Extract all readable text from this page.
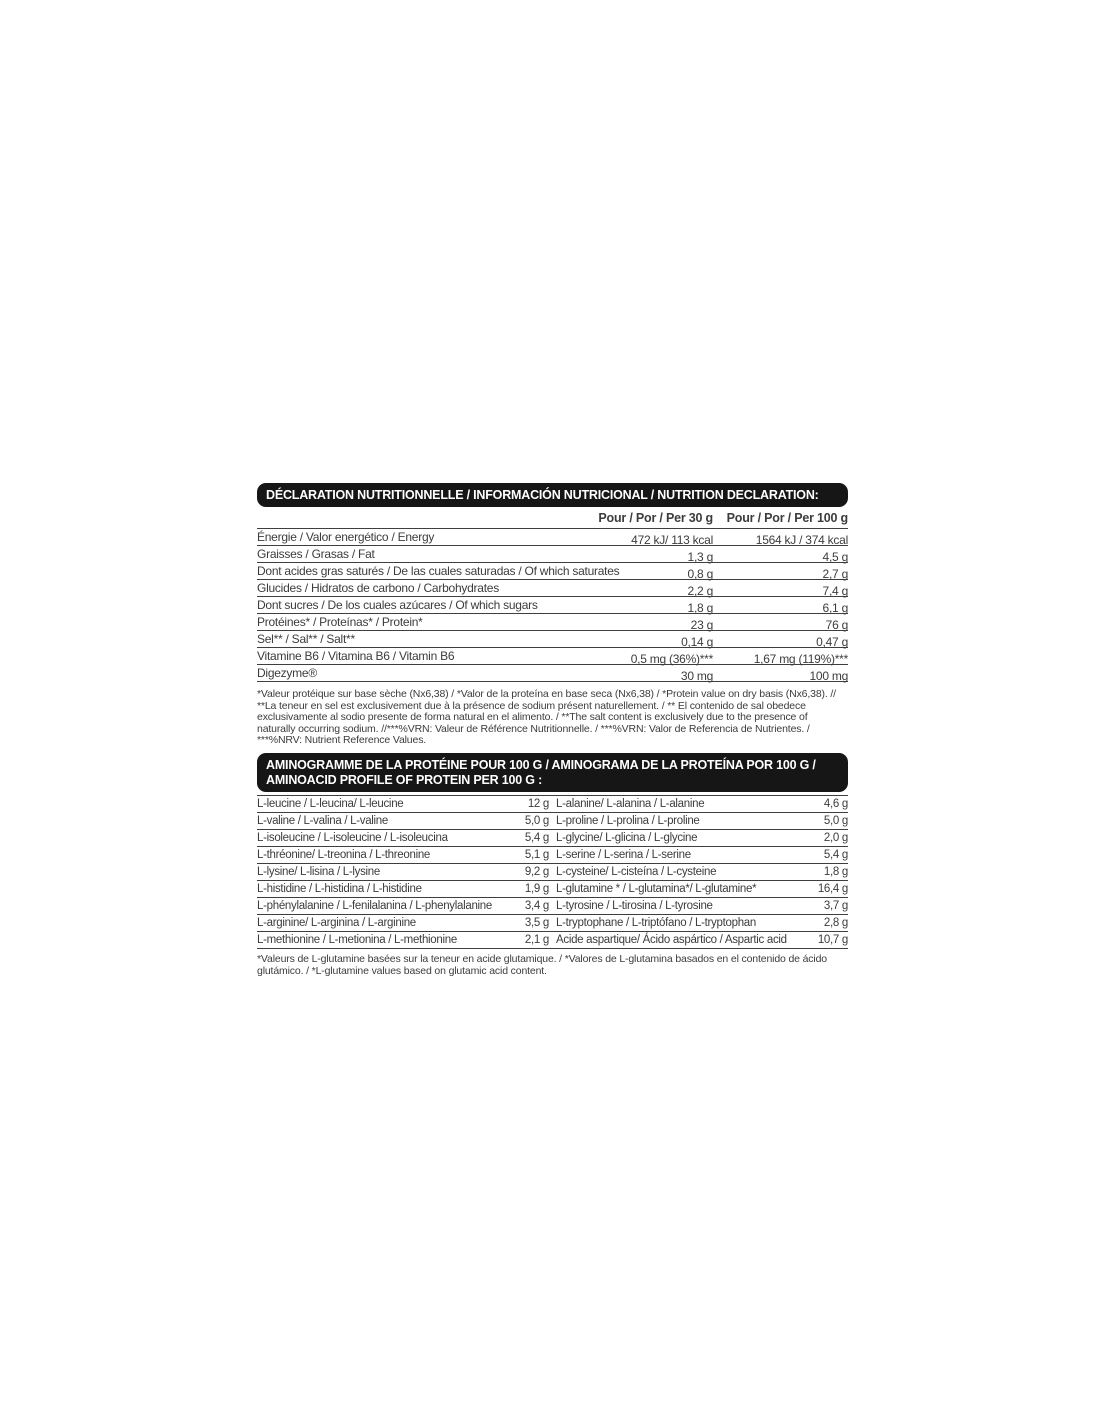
DÉCLARATION NUTRITIONNELLE / INFORMACIÓN NUTRICIONAL / NUTRITION DECLARATION:
Pour / Por / Per 30 g	Pour / Por / Per 100 g
Énergie / Valor energético / Energy	472 kJ/ 113 kcal	1564 kJ / 374 kcal
Graisses / Grasas / Fat	1,3 g	4,5 g
Dont acides gras saturés / De las cuales saturadas / Of which saturates	0,8 g	2,7 g
Glucides / Hidratos de carbono / Carbohydrates	2,2 g	7,4 g
Dont sucres / De los cuales azúcares / Of which sugars	1,8 g	6,1 g
Protéines* / Proteínas* / Protein*	23 g	76 g
Sel** / Sal** / Salt**	0,14 g	0,47 g
Vitamine B6 / Vitamina B6 / Vitamin B6	0,5 mg (36%)***	1,67 mg (119%)***
Digezyme®	30 mg	100 mg
*Valeur protéique sur base sèche (Nx6,38) / *Valor de la proteína en base seca (Nx6,38) / *Protein value on dry basis (Nx6,38). // **La teneur en sel est exclusivement due à la présence de sodium présent naturellement. / ** El contenido de sal obedece exclusivamente al sodio presente de forma natural en el alimento. / **The salt content is exclusively due to the presence of naturally occurring sodium. //***%VRN: Valeur de Référence Nutritionnelle. / ***%VRN: Valor de Referencia de Nutrientes. / ***%NRV: Nutrient Reference Values.
AMINOGRAMME DE LA PROTÉINE POUR 100 G / AMINOGRAMA DE LA PROTEÍNA POR 100 G / AMINOACID PROFILE OF PROTEIN PER 100 G :
L-leucine / L-leucina/ L-leucine	12 g L-alanine/ L-alanina / L-alanine	4,6 g
L-valine / L-valina / L-valine	5,0 g L-proline / L-prolina / L-proline	5,0 g
L-isoleucine / L-isoleucine / L-isoleucina	5,4 g L-glycine/ L-glicina / L-glycine	2,0 g
L-thréonine/ L-treonina / L-threonine	5,1 g L-serine / L-serina / L-serine	5,4 g
L-lysine/ L-lisina / L-lysine	9,2 g L-cysteine/ L-cisteína / L-cysteine	1,8 g
L-histidine / L-histidina / L-histidine	1,9 g L-glutamine * / L-glutamina*/ L-glutamine*	16,4 g
L-phénylalanine / L-fenilalanina / L-phenylalanine	3,4 g L-tyrosine / L-tirosina / L-tyrosine	3,7 g
L-arginine/ L-arginina / L-arginine	3,5 g L-tryptophane / L-triptófano / L-tryptophan	2,8 g
L-methionine / L-metionina / L-methionine	2,1 g Acide aspartique/ Ácido aspártico / Aspartic acid	10,7 g
*Valeurs de L-glutamine basées sur la teneur en acide glutamique. / *Valores de L-glutamina basados en el contenido de ácido glutámico. / *L-glutamine values based on glutamic acid content.
